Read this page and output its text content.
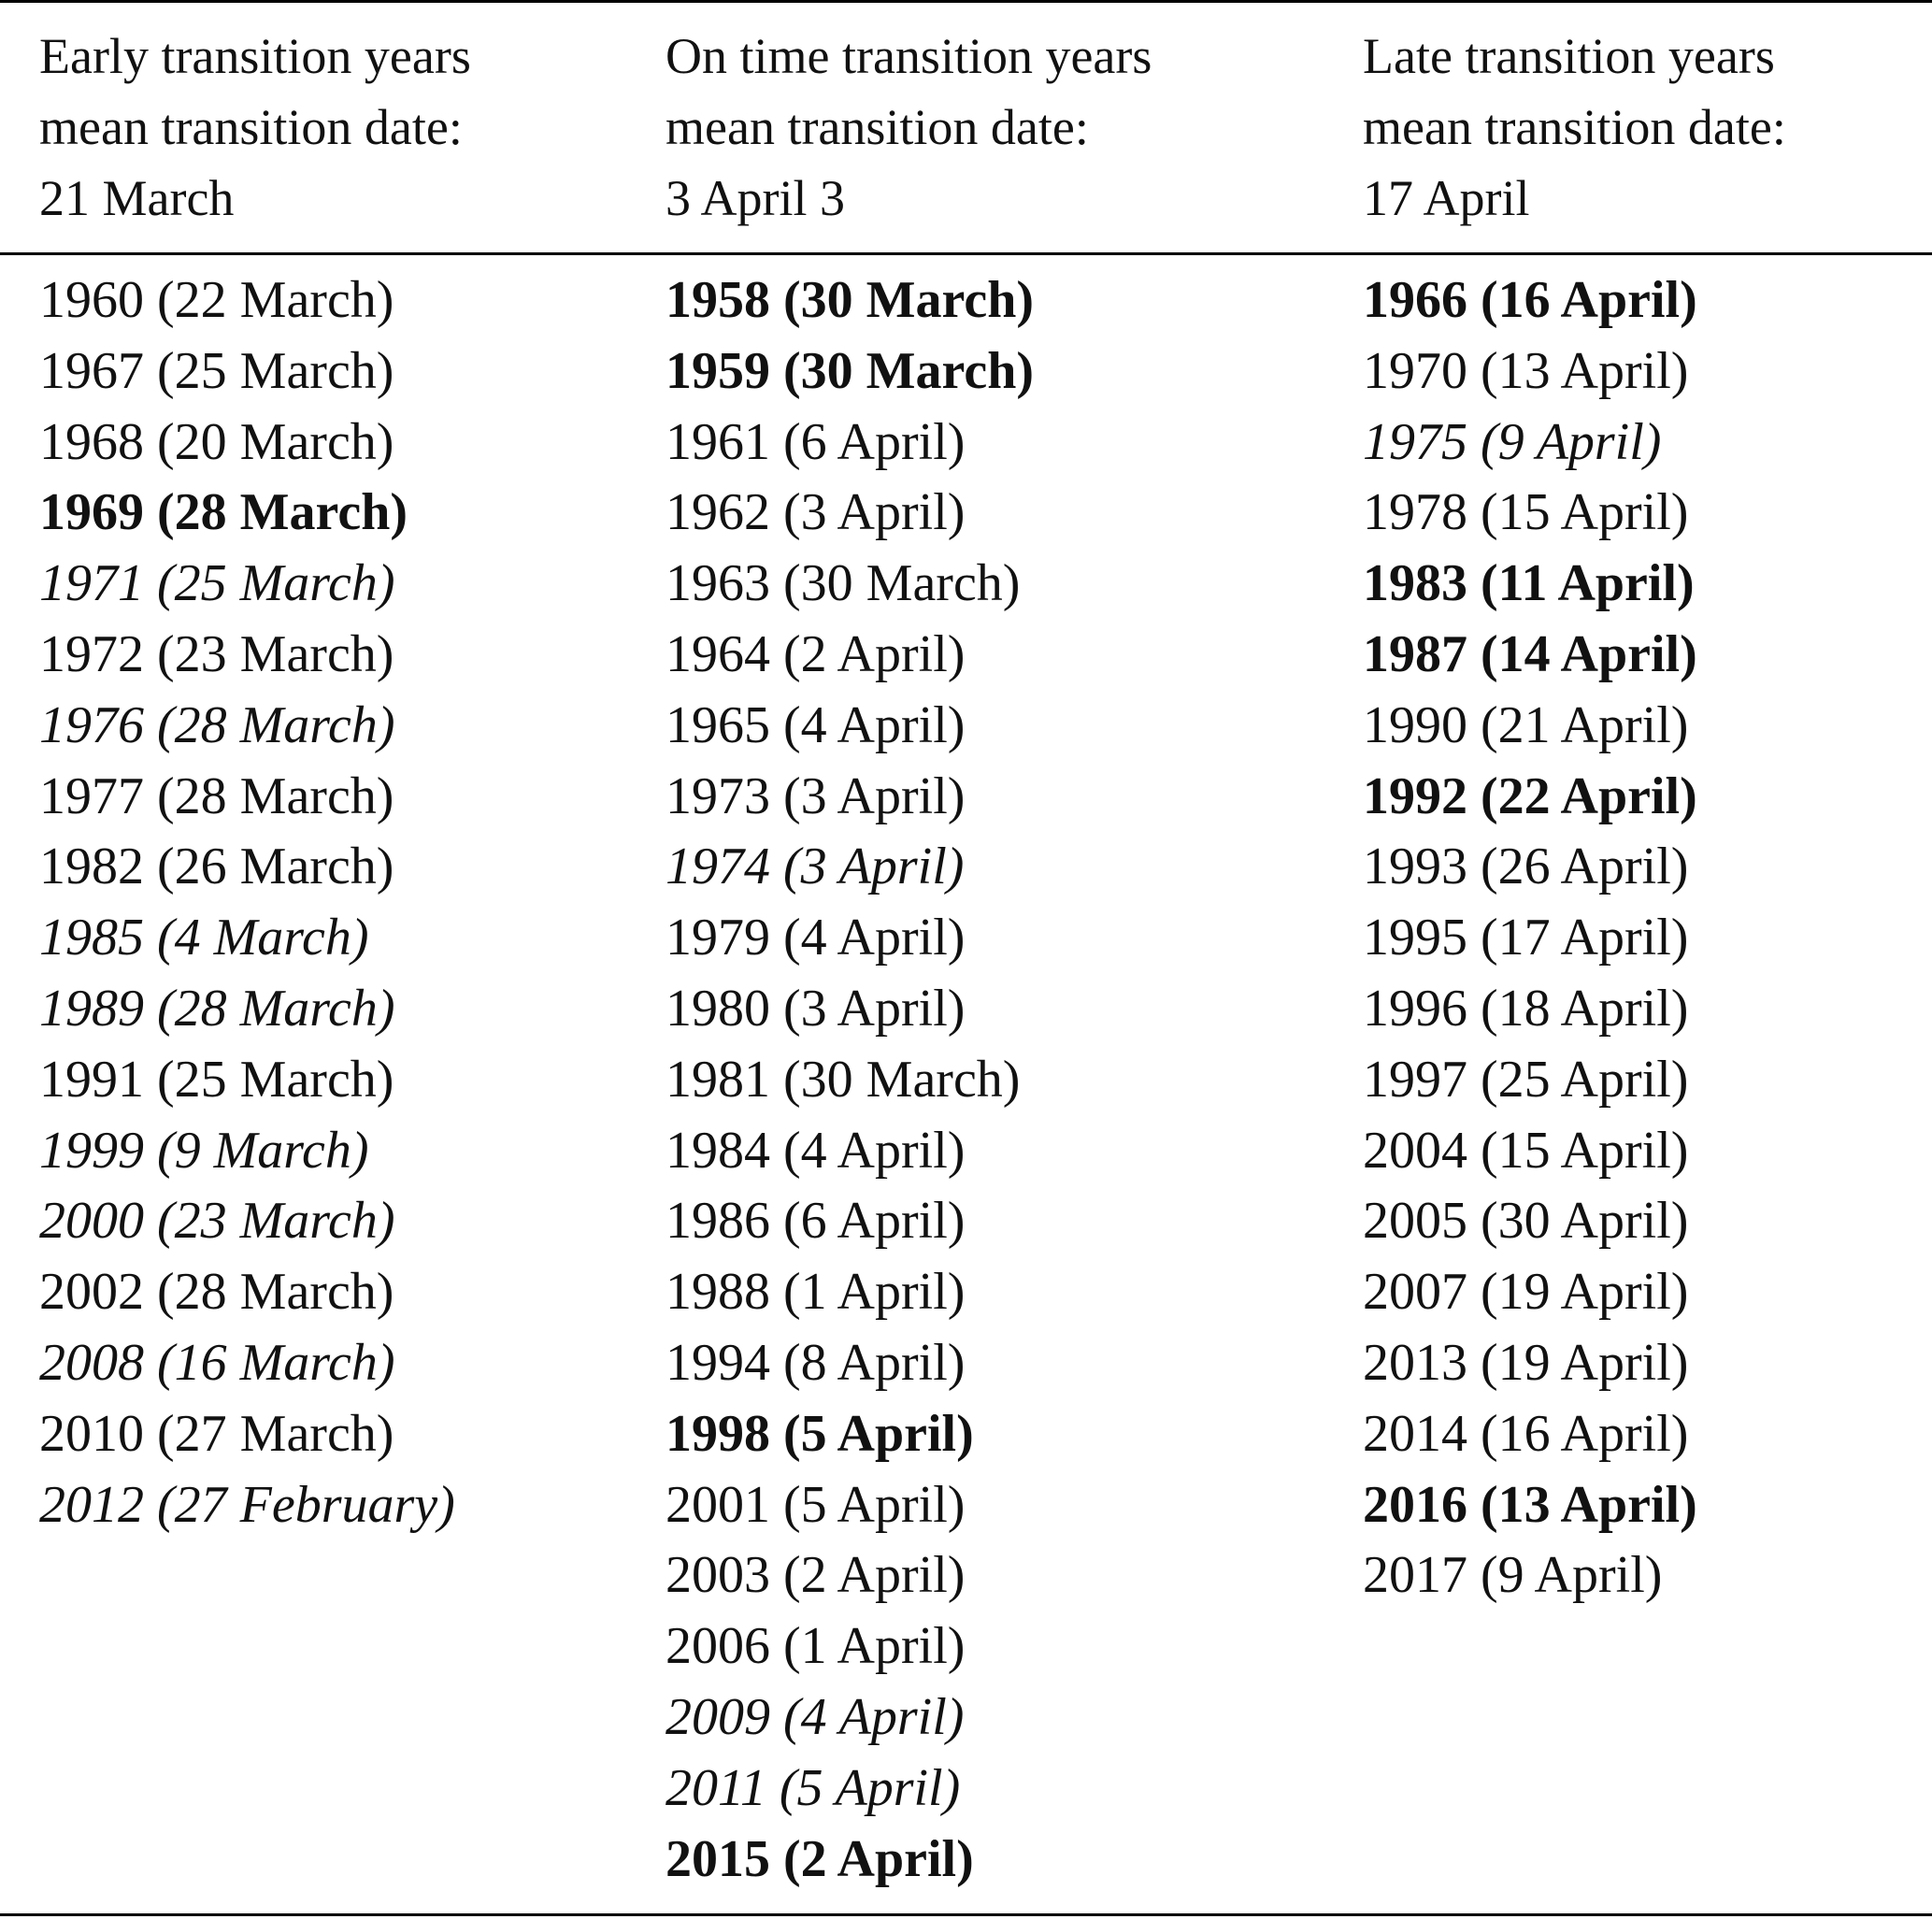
Early transition years
mean transition date:
21 March
1960 (22 March)
1967 (25 March)
1968 (20 March)
1969 (28 March)
1971 (25 March)
1972 (23 March)
1976 (28 March)
1977 (28 March)
1982 (26 March)
1985 (4 March)
1989 (28 March)
1991 (25 March)
1999 (9 March)
2000 (23 March)
2002 (28 March)
2008 (16 March)
2010 (27 March)
2012 (27 February)
On time transition years
mean transition date:
3 April 3
1958 (30 March)
1959 (30 March)
1961 (6 April)
1962 (3 April)
1963 (30 March)
1964 (2 April)
1965 (4 April)
1973 (3 April)
1974 (3 April)
1979 (4 April)
1980 (3 April)
1981 (30 March)
1984 (4 April)
1986 (6 April)
1988 (1 April)
1994 (8 April)
1998 (5 April)
2001 (5 April)
2003 (2 April)
2006 (1 April)
2009 (4 April)
2011 (5 April)
2015 (2 April)
Late transition years
mean transition date:
17 April
1966 (16 April)
1970 (13 April)
1975 (9 April)
1978 (15 April)
1983 (11 April)
1987 (14 April)
1990 (21 April)
1992 (22 April)
1993 (26 April)
1995 (17 April)
1996 (18 April)
1997 (25 April)
2004 (15 April)
2005 (30 April)
2007 (19 April)
2013 (19 April)
2014 (16 April)
2016 (13 April)
2017 (9 April)
